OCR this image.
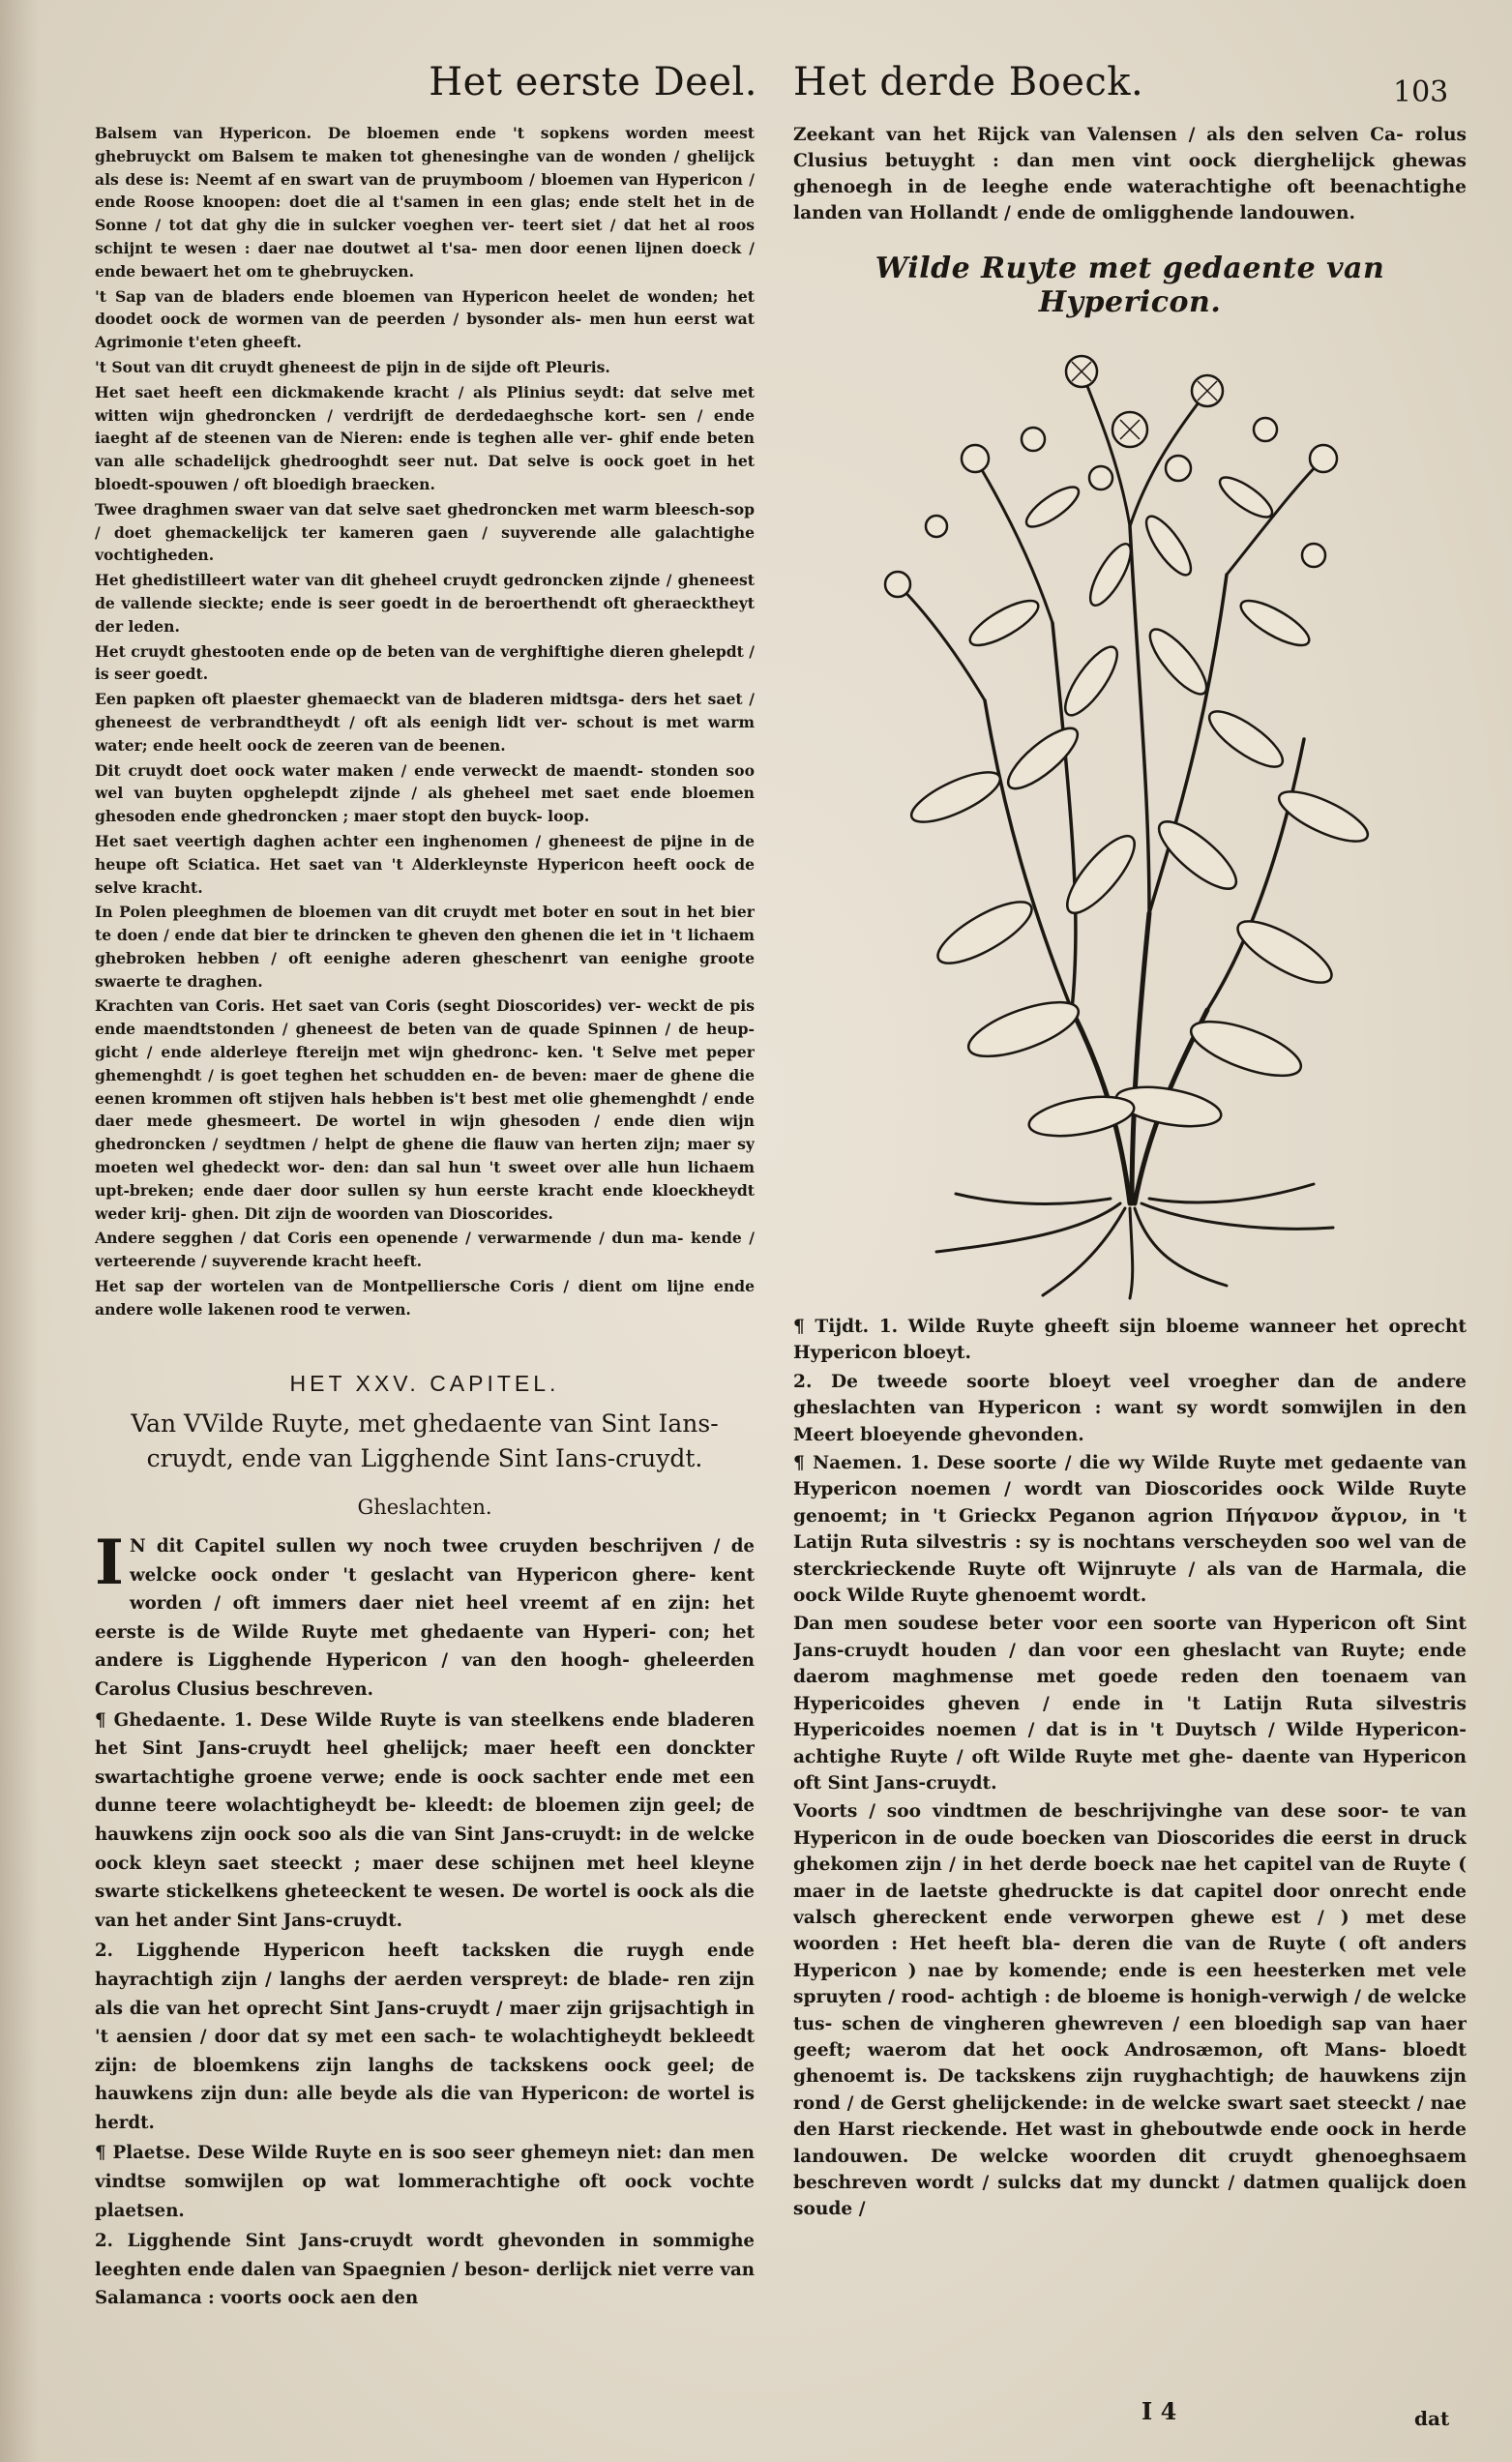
Het eerste Deel. Het derde Boeck.	103

Balsem van Hypericon. De bloemen ende 't sopkens worden meest ghebruyckt om Balsem te maken tot ghenesinghe van de wonden / ghelijck als dese is: Neemt af en swart van de pruymboom / bloemen van Hypericon / ende Roose knoopen: doet die al t'samen in een glas; ende stelt het in de Sonne / tot dat ghy die in sulcker voeghen ver- teert siet / dat het al roos schijnt te wesen : daer nae doutwet al t'sa- men door eenen lijnen doeck / ende bewaert het om te ghebruycken.

't Sap van de bladers ende bloemen van Hypericon heelet de wonden; het doodet oock de wormen van de peerden / bysonder als- men hun eerst wat Agrimonie t'eten gheeft.

't Sout van dit cruydt gheneest de pijn in de sijde oft Pleuris.

Het saet heeft een dickmakende kracht / als Plinius seydt: dat selve met witten wijn ghedroncken / verdrijft de derdedaeghsche kort- sen / ende iaeght af de steenen van de Nieren: ende is teghen alle ver- ghif ende beten van alle schadelijck ghedrooghdt seer nut. Dat selve is oock goet in het bloedt-spouwen / oft bloedigh braecken.

Twee draghmen swaer van dat selve saet ghedroncken met warm bleesch-sop / doet ghemackelijck ter kameren gaen / suyverende alle galachtighe vochtigheden.

Het ghedistilleert water van dit gheheel cruydt gedroncken zijnde / gheneest de vallende sieckte; ende is seer goedt in de beroerthendt oft gheraecktheyt der leden.

Het cruydt ghestooten ende op de beten van de verghiftighe dieren ghelepdt / is seer goedt.

Een papken oft plaester ghemaeckt van de bladeren midtsga- ders het saet / gheneest de verbrandtheydt / oft als eenigh lidt ver- schout is met warm water; ende heelt oock de zeeren van de beenen.

Dit cruydt doet oock water maken / ende verweckt de maendt- stonden soo wel van buyten opghelepdt zijnde / als gheheel met saet ende bloemen ghesoden ende ghedroncken ; maer stopt den buyck- loop.

Het saet veertigh daghen achter een inghenomen / gheneest de pijne in de heupe oft Sciatica. Het saet van 't Alderkleynste Hypericon heeft oock de selve kracht.

In Polen pleeghmen de bloemen van dit cruydt met boter en sout in het bier te doen / ende dat bier te drincken te gheven den ghenen die iet in 't lichaem ghebroken hebben / oft eenighe aderen gheschenrt van eenighe groote swaerte te draghen.

Krachten van Coris. Het saet van Coris (seght Dioscorides) ver- weckt de pis ende maendtstonden / gheneest de beten van de quade Spinnen / de heup-gicht / ende alderleye ftereijn met wijn ghedronc- ken. 't Selve met peper ghemenghdt / is goet teghen het schudden en- de beven: maer de ghene die eenen krommen oft stijven hals hebben is't best met olie ghemenghdt / ende daer mede ghesmeert. De wortel in wijn ghesoden / ende dien wijn ghedroncken / seydtmen / helpt de ghene die flauw van herten zijn; maer sy moeten wel ghedeckt wor- den: dan sal hun 't sweet over alle hun lichaem upt-breken; ende daer door sullen sy hun eerste kracht ende kloeckheydt weder krij- ghen. Dit zijn de woorden van Dioscorides.

Andere segghen / dat Coris een openende / verwarmende / dun ma- kende / verteerende / suyverende kracht heeft.

Het sap der wortelen van de Montpelliersche Coris / dient om lijne ende andere wolle lakenen rood te verwen.

HET XXV. CAPITEL.
Van VVilde Ruyte, met ghedaente van Sint Ians- cruydt, ende van Ligghende Sint Ians-cruydt.
Gheslachten.

I N dit Capitel sullen wy noch twee cruyden beschrijven / de welcke oock onder 't geslacht van Hypericon ghere- kent worden / oft immers daer niet heel vreemt af en zijn: het eerste is de Wilde Ruyte met ghedaente van Hyperi- con; het andere is Ligghende Hypericon / van den hoogh- gheleerden Carolus Clusius beschreven.

¶ Ghedaente. 1. Dese Wilde Ruyte is van steelkens ende bladeren het Sint Jans-cruydt heel ghelijck; maer heeft een donckter swartachtighe groene verwe; ende is oock sachter ende met een dunne teere wolachtigheydt be- kleedt: de bloemen zijn geel; de hauwkens zijn oock soo als die van Sint Jans-cruydt: in de welcke oock kleyn saet steeckt ; maer dese schijnen met heel kleyne swarte stickelkens gheteeckent te wesen. De wortel is oock als die van het ander Sint Jans-cruydt.

2. Ligghende Hypericon heeft tacksken die ruygh ende hayrachtigh zijn / langhs der aerden verspreyt: de blade- ren zijn als die van het oprecht Sint Jans-cruydt / maer zijn grijsachtigh in 't aensien / door dat sy met een sach- te wolachtigheydt bekleedt zijn: de bloemkens zijn langhs de tackskens oock geel; de hauwkens zijn dun: alle beyde als die van Hypericon: de wortel is herdt.

¶ Plaetse. Dese Wilde Ruyte en is soo seer ghemeyn niet: dan men vindtse somwijlen op wat lommerachtighe oft oock vochte plaetsen.

2. Ligghende Sint Jans-cruydt wordt ghevonden in sommighe leeghten ende dalen van Spaegnien / beson- derlijck niet verre van Salamanca : voorts oock aen den

Zeekant van het Rijck van Valensen / als den selven Ca- rolus Clusius betuyght : dan men vint oock dierghelijck ghewas ghenoegh in de leeghe ende waterachtighe oft beenachtighe landen van Hollandt / ende de omligghende landouwen.
Wilde Ruyte met gedaente van Hypericon.

¶ Tijdt. 1. Wilde Ruyte gheeft sijn bloeme wanneer het oprecht Hypericon bloeyt.

2. De tweede soorte bloeyt veel vroegher dan de andere gheslachten van Hypericon : want sy wordt somwijlen in den Meert bloeyende ghevonden.

¶ Naemen. 1. Dese soorte / die wy Wilde Ruyte met gedaente van Hypericon noemen / wordt van Dioscorides oock Wilde Ruyte genoemt; in 't Grieckx Peganon agrion Πήγανον ἄγριον, in 't Latijn Ruta silvestris : sy is nochtans verscheyden soo wel van de sterckrieckende Ruyte oft Wijnruyte / als van de Harmala, die oock Wilde Ruyte ghenoemt wordt.

Dan men soudese beter voor een soorte van Hypericon oft Sint Jans-cruydt houden / dan voor een gheslacht van Ruyte; ende daerom maghmense met goede reden den toenaem van Hypericoides gheven / ende in 't Latijn Ruta silvestris Hypericoides noemen / dat is in 't Duytsch / Wilde Hypericon-achtighe Ruyte / oft Wilde Ruyte met ghe- daente van Hypericon oft Sint Jans-cruydt.

Voorts / soo vindtmen de beschrijvinghe van dese soor- te van Hypericon in de oude boecken van Dioscorides die eerst in druck ghekomen zijn / in het derde boeck nae het capitel van de Ruyte ( maer in de laetste ghedruckte is dat capitel door onrecht ende valsch ghereckent ende verworpen ghewe est / ) met dese woorden : Het heeft bla- deren die van de Ruyte ( oft anders Hypericon ) nae by komende; ende is een heesterken met vele spruyten / rood- achtigh : de bloeme is honigh-verwigh / de welcke tus- schen de vingheren ghewreven / een bloedigh sap van haer geeft; waerom dat het oock Androsæmon, oft Mans- bloedt ghenoemt is. De tackskens zijn ruyghachtigh; de hauwkens zijn rond / de Gerst ghelijckende: in de welcke swart saet steeckt / nae den Harst rieckende. Het wast in gheboutwde ende oock in herde landouwen. De welcke woorden dit cruydt ghenoeghsaem beschreven wordt / sulcks dat my dunckt / datmen qualijck doen soude /

I 4	dat
